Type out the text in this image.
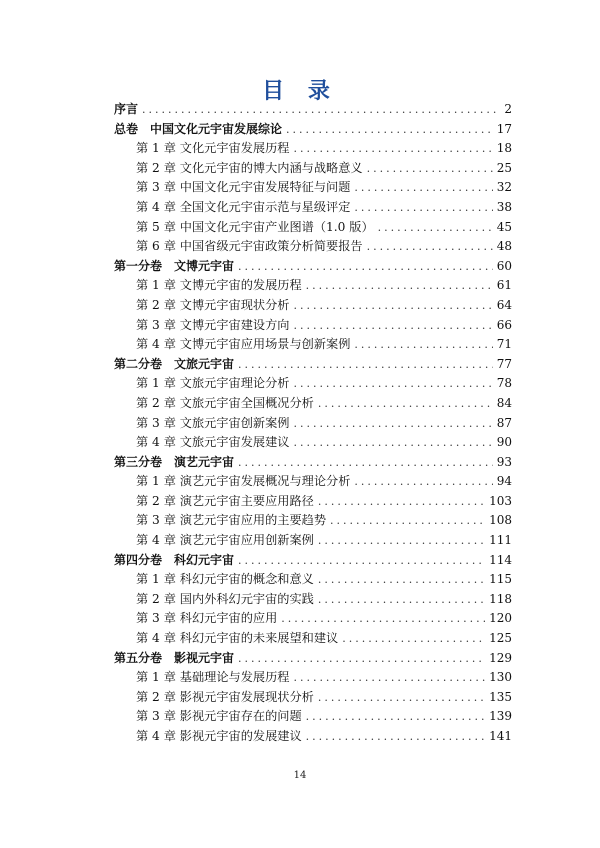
目 录
序言 .....	2
总卷　中国文化元宇宙发展综论 .....	17
第 1 章 文化元宇宙发展历程 .....	18
第 2 章 文化元宇宙的博大内涵与战略意义 .....	25
第 3 章 中国文化元宇宙发展特征与问题 .....	32
第 4 章 全国文化元宇宙示范与星级评定 .....	38
第 5 章 中国文化元宇宙产业图谱（1.0 版） .....	45
第 6 章 中国省级元宇宙政策分析简要报告 .....	48
第一分卷　文博元宇宙 .....	60
第 1 章 文博元宇宙的发展历程 .....	61
第 2 章 文博元宇宙现状分析 .....	64
第 3 章 文博元宇宙建设方向 .....	66
第 4 章 文博元宇宙应用场景与创新案例 .....	71
第二分卷　文旅元宇宙 .....	77
第 1 章 文旅元宇宙理论分析 .....	78
第 2 章 文旅元宇宙全国概况分析 .....	84
第 3 章 文旅元宇宙创新案例 .....	87
第 4 章 文旅元宇宙发展建议 .....	90
第三分卷　演艺元宇宙 .....	93
第 1 章 演艺元宇宙发展概况与理论分析 .....	94
第 2 章 演艺元宇宙主要应用路径 .....	103
第 3 章 演艺元宇宙应用的主要趋势 .....	108
第 4 章 演艺元宇宙应用创新案例 .....	111
第四分卷　科幻元宇宙 .....	114
第 1 章 科幻元宇宙的概念和意义 .....	115
第 2 章 国内外科幻元宇宙的实践 .....	118
第 3 章 科幻元宇宙的应用 .....	120
第 4 章 科幻元宇宙的未来展望和建议 .....	125
第五分卷　影视元宇宙 .....	129
第 1 章 基础理论与发展历程 .....	130
第 2 章 影视元宇宙发展现状分析 .....	135
第 3 章 影视元宇宙存在的问题 .....	139
第 4 章 影视元宇宙的发展建议 .....	141
14
